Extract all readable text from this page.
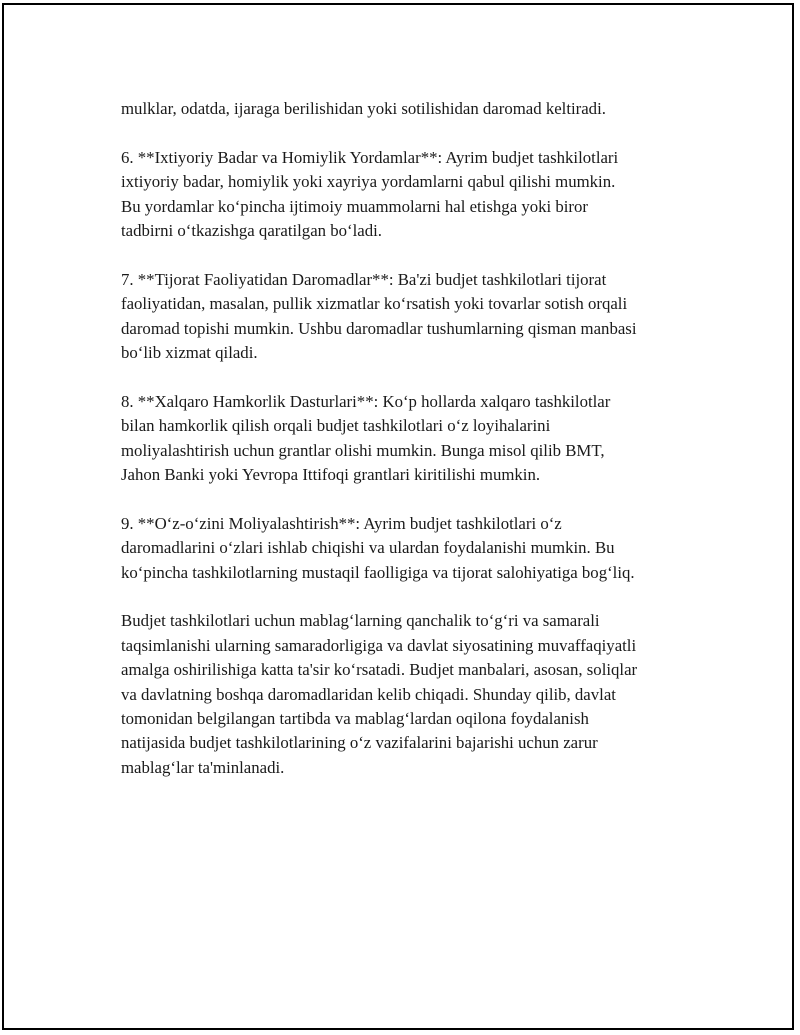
mulklar, odatda, ijaraga berilishidan yoki sotilishidan daromad keltiradi.

6. **Ixtiyoriy Badar va Homiylik Yordamlar**: Ayrim budjet tashkilotlari
ixtiyoriy badar, homiylik yoki xayriya yordamlarni qabul qilishi mumkin.
Bu yordamlar ko‘pincha ijtimoiy muammolarni hal etishga yoki biror
tadbirni o‘tkazishga qaratilgan bo‘ladi.

7. **Tijorat Faoliyatidan Daromadlar**: Ba'zi budjet tashkilotlari tijorat
faoliyatidan, masalan, pullik xizmatlar ko‘rsatish yoki tovarlar sotish orqali
daromad topishi mumkin. Ushbu daromadlar tushumlarning qisman manbasi
bo‘lib xizmat qiladi.

8. **Xalqaro Hamkorlik Dasturlari**: Ko‘p hollarda xalqaro tashkilotlar
bilan hamkorlik qilish orqali budjet tashkilotlari o‘z loyihalarini
moliyalashtirish uchun grantlar olishi mumkin. Bunga misol qilib BMT,
Jahon Banki yoki Yevropa Ittifoqi grantlari kiritilishi mumkin.

9. **O‘z-o‘zini Moliyalashtirish**: Ayrim budjet tashkilotlari o‘z
daromadlarini o‘zlari ishlab chiqishi va ulardan foydalanishi mumkin. Bu
ko‘pincha tashkilotlarning mustaqil faolligiga va tijorat salohiyatiga bog‘liq.

Budjet tashkilotlari uchun mablag‘larning qanchalik to‘g‘ri va samarali
taqsimlanishi ularning samaradorligiga va davlat siyosatining muvaffaqiyatli
amalga oshirilishiga katta ta'sir ko‘rsatadi. Budjet manbalari, asosan, soliqlar
va davlatning boshqa daromadlaridan kelib chiqadi. Shunday qilib, davlat
tomonidan belgilangan tartibda va mablag‘lardan oqilona foydalanish
natijasida budjet tashkilotlarining o‘z vazifalarini bajarishi uchun zarur
mablag‘lar ta'minlanadi.
